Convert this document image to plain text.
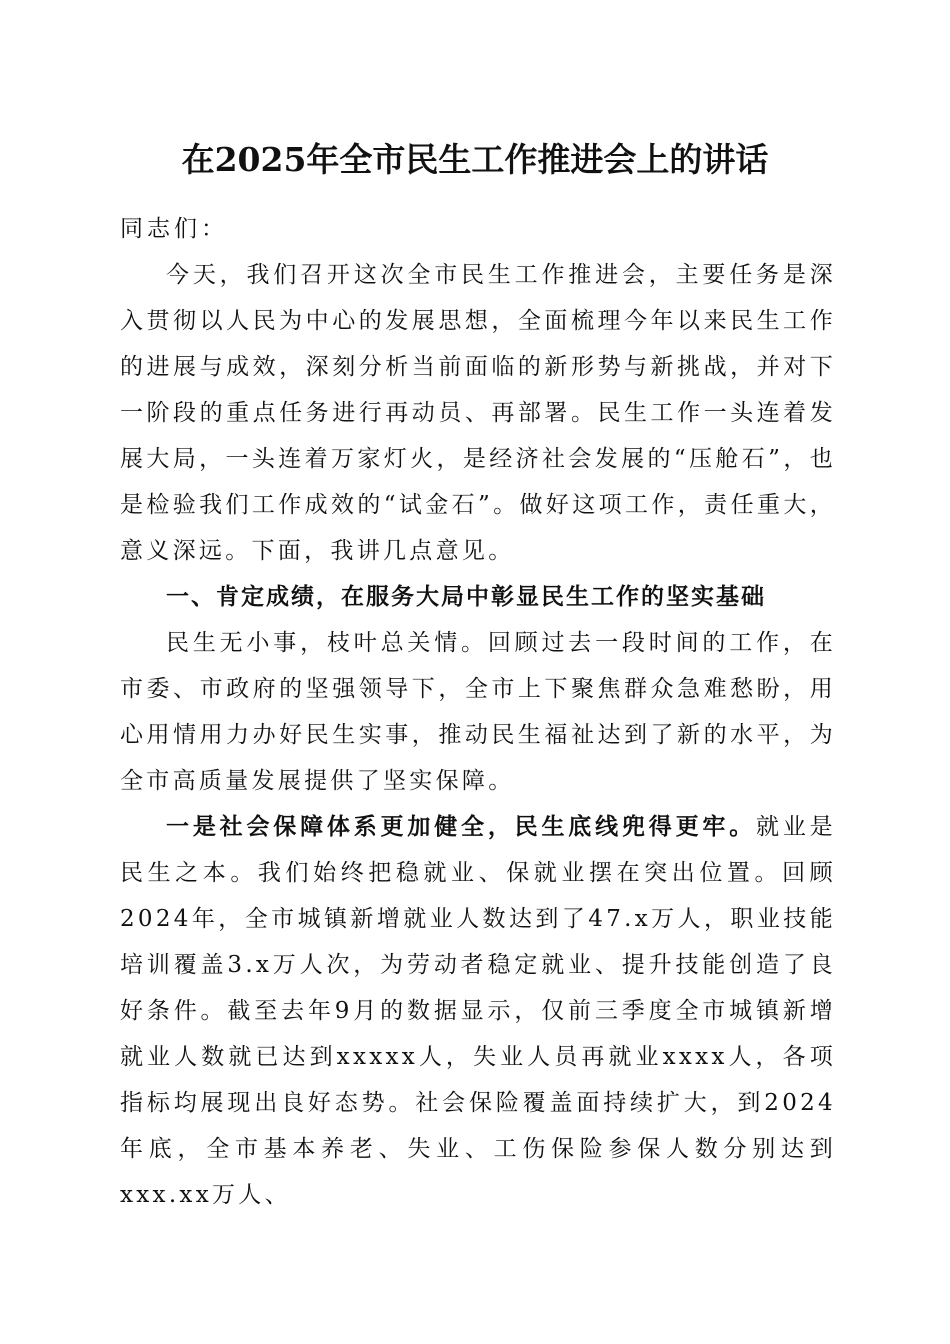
在2025年全市民生工作推进会上的讲话

同志们：

今天，我们召开这次全市民生工作推进会，主要任务是深入贯彻以人民为中心的发展思想，全面梳理今年以来民生工作的进展与成效，深刻分析当前面临的新形势与新挑战，并对下一阶段的重点任务进行再动员、再部署。民生工作一头连着发展大局，一头连着万家灯火，是经济社会发展的“压舱石”，也是检验我们工作成效的“试金石”。做好这项工作，责任重大，意义深远。下面，我讲几点意见。

一、肯定成绩，在服务大局中彰显民生工作的坚实基础

民生无小事，枝叶总关情。回顾过去一段时间的工作，在市委、市政府的坚强领导下，全市上下聚焦群众急难愁盼，用心用情用力办好民生实事，推动民生福祉达到了新的水平，为全市高质量发展提供了坚实保障。

一是社会保障体系更加健全，民生底线兜得更牢。就业是民生之本。我们始终把稳就业、保就业摆在突出位置。回顾2024年，全市城镇新增就业人数达到了47.x万人，职业技能培训覆盖3.x万人次，为劳动者稳定就业、提升技能创造了良好条件。截至去年9月的数据显示，仅前三季度全市城镇新增就业人数就已达到xxxxx人，失业人员再就业xxxx人，各项指标均展现出良好态势。社会保险覆盖面持续扩大，到2024年底，全市基本养老、失业、工伤保险参保人数分别达到xxx.xx万人、
